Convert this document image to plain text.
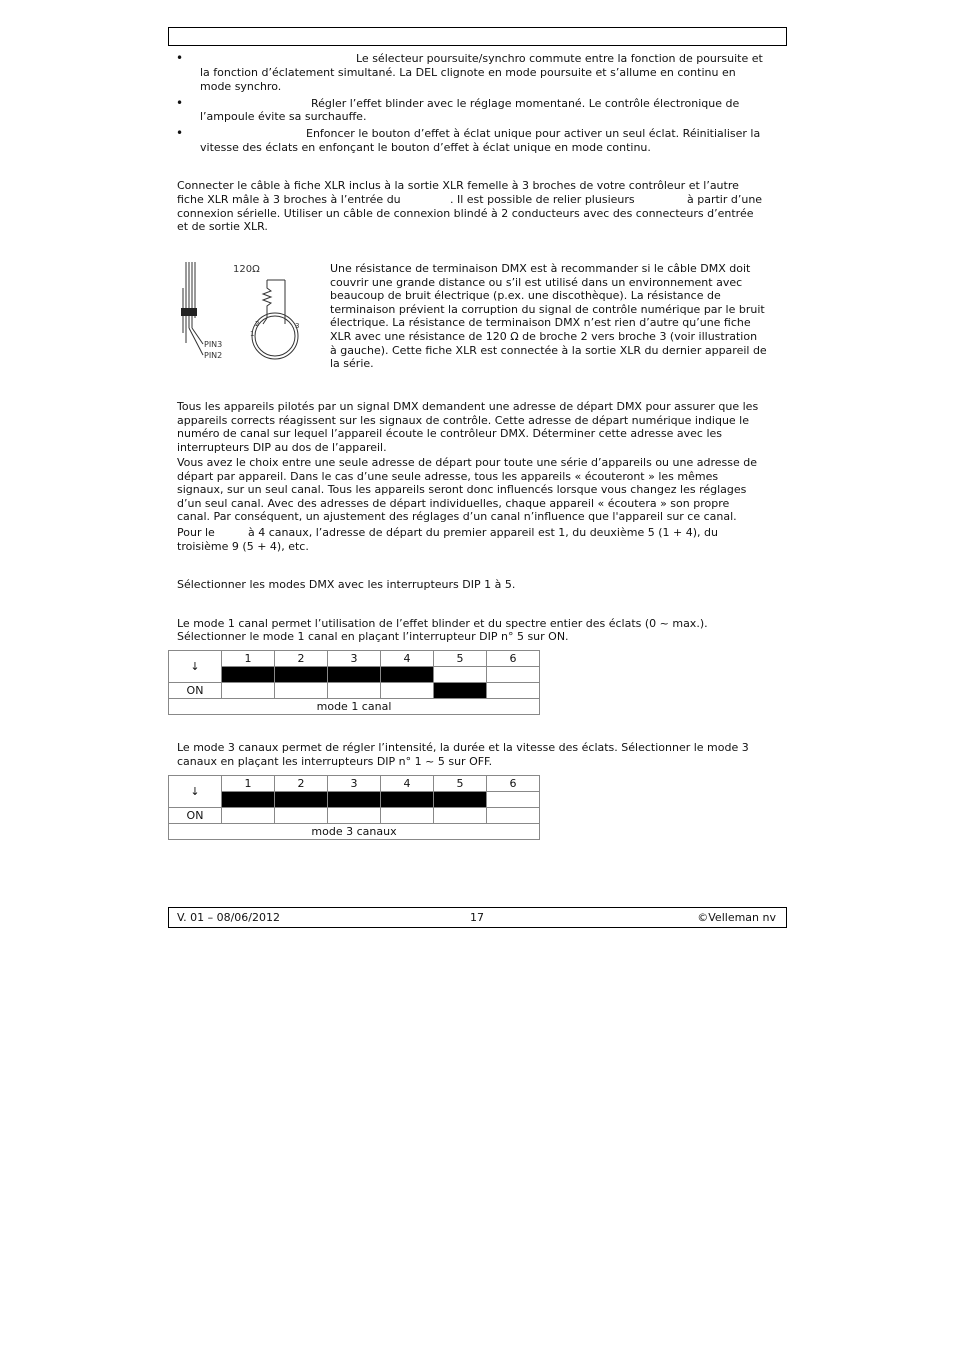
•	Le sélecteur poursuite/synchro commute entre la fonction de poursuite et
la fonction d’éclatement simultané. La DEL clignote en mode poursuite et s’allume en continu en mode synchro.
•	Régler l’effet blinder avec le réglage momentané. Le contrôle électronique de
l’ampoule évite sa surchauffe.
•	Enfoncer le bouton d’effet à éclat unique pour activer un seul éclat. Réinitialiser la
vitesse des éclats en enfonçant le bouton d’effet à éclat unique en mode continu.
Connecter le câble à fiche XLR inclus à la sortie XLR femelle à 3 broches de votre contrôleur et l’autre
fiche XLR mâle à 3 broches à l’entrée du	. Il est possible de relier plusieurs	à partir d’une
connexion sérielle. Utiliser un câble de connexion blindé à 2 conducteurs avec des connecteurs d’entrée
et de sortie XLR.
PIN3
PIN2
120Ω
2
1
3
Une résistance de terminaison DMX est à recommander si le câble DMX doit
couvrir une grande distance ou s’il est utilisé dans un environnement avec
beaucoup de bruit électrique (p.ex. une discothèque). La résistance de
terminaison prévient la corruption du signal de contrôle numérique par le bruit
électrique. La résistance de terminaison DMX n’est rien d’autre qu’une fiche
XLR avec une résistance de 120 Ω de broche 2 vers broche 3 (voir illustration
à gauche). Cette fiche XLR est connectée à la sortie XLR du dernier appareil de
la série.
Tous les appareils pilotés par un signal DMX demandent une adresse de départ DMX pour assurer que les
appareils corrects réagissent sur les signaux de contrôle. Cette adresse de départ numérique indique le
numéro de canal sur lequel l’appareil écoute le contrôleur DMX. Déterminer cette adresse avec les
interrupteurs DIP au dos de l’appareil.
Vous avez le choix entre une seule adresse de départ pour toute une série d’appareils ou une adresse de
départ par appareil. Dans le cas d’une seule adresse, tous les appareils « écouteront » les mêmes
signaux, sur un seul canal. Tous les appareils seront donc influencés lorsque vous changez les réglages
d’un seul canal. Avec des adresses de départ individuelles, chaque appareil « écoutera » son propre
canal. Par conséquent, un ajustement des réglages d’un canal n’influence que l'appareil sur ce canal.
Pour le	à 4 canaux, l’adresse de départ du premier appareil est 1, du deuxième 5 (1 + 4), du
troisième 9 (5 + 4), etc.
Sélectionner les modes DMX avec les interrupteurs DIP 1 à 5.
Le mode 1 canal permet l’utilisation de l’effet blinder et du spectre entier des éclats (0 ~ max.).
Sélectionner le mode 1 canal en plaçant l’interrupteur DIP n° 5 sur ON.
↓	1	2	3	4	5	6

ON						
mode 1 canal						
Le mode 3 canaux permet de régler l’intensité, la durée et la vitesse des éclats. Sélectionner le mode 3
canaux en plaçant les interrupteurs DIP n° 1 ~ 5 sur OFF.
↓	1	2	3	4	5	6

ON						
mode 3 canaux						
V. 01 – 08/06/2012	17	©Velleman nv
